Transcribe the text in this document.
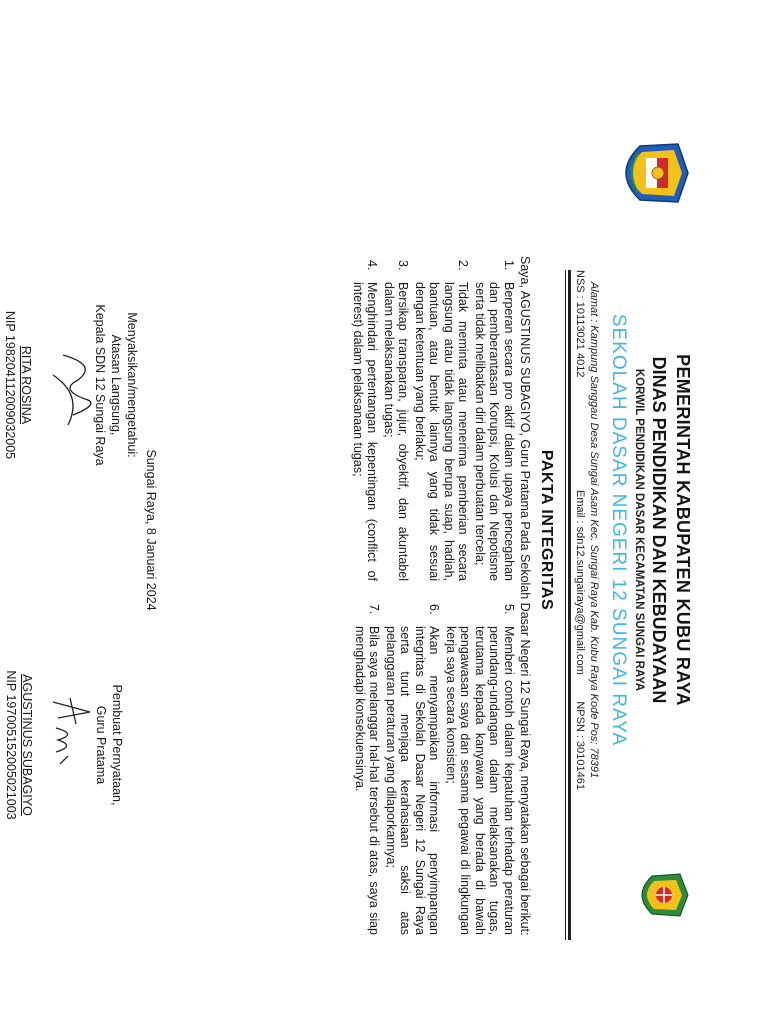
PEMERINTAH KABUPATEN KUBU RAYA
DINAS PENDIDIKAN DAN KEBUDAYAAN
KORWIL PENDIDIKAN DASAR KECAMATAN SUNGAI RAYA
SEKOLAH DASAR NEGERI 12 SUNGAI RAYA
Alamat : Kampung Sanggau Desa Sungai Asam Kec. Sungai Raya Kab. Kubu Raya Kode Pos: 78391
NSS : 10113021 4012
Email : sdn12.sungairaya@gmail.com
NPSN : 30101461
PAKTA INTEGRITAS
Saya, AGUSTINUS SUBAGIYO, Guru Pratama Pada Sekolah Dasar Negeri 12 Sungai Raya, menyatakan sebagai berikut:
1.
Berperan secara pro aktif dalam upaya pencegahan dan pemberantasan Korupsi, Kolusi dan Nepotisme serta tidak melibatkan diri dalam perbuatan tercela;
2.
Tidak meminta atau menerima pemberian secara langsung atau tidak langsung berupa suap, hadiah, bantuan, atau bentuk lainnya yang tidak sesuai dengan ketentuan yang berlaku;
3.
Bersikap transparan, jujur, obyektif, dan akuntabel dalam melaksanakan tugas;
4.
Menghindari pertentangan kepentingan (conflict of interest) dalam pelaksanaan tugas;
5.
Memberi contoh dalam kepatuhan terhadap peraturan perundang-undangan dalam melaksanakan tugas, terutama kepada kanyawan yang berada di bawah pengawasan saya dan sesama pegawai di lingkungan kerja saya secara konsisten;
6.
Akan menyampaikan informasi penyimpangan integritas di Sekolah Dasar Negeri 12 Sungai Raya serta turut menjaga kerahasiaan saksi atas pelanggaran peraturan yang dilaporkannya;
7.
Bila saya melanggar hal-hal tersebut di atas, saya siap menghadapi konsekuensinya.
Sungai Raya, 8 Januari 2024
Menyaksikan/mengetahui:
Atasan Langsung,
Kepala SDN 12 Sungai Raya
RITA ROSINA
NIP 198204112009032005
Pembuat Pernyataan,
Guru Pratama
AGUSTINUS SUBAGIYO
NIP 197005152005021003
